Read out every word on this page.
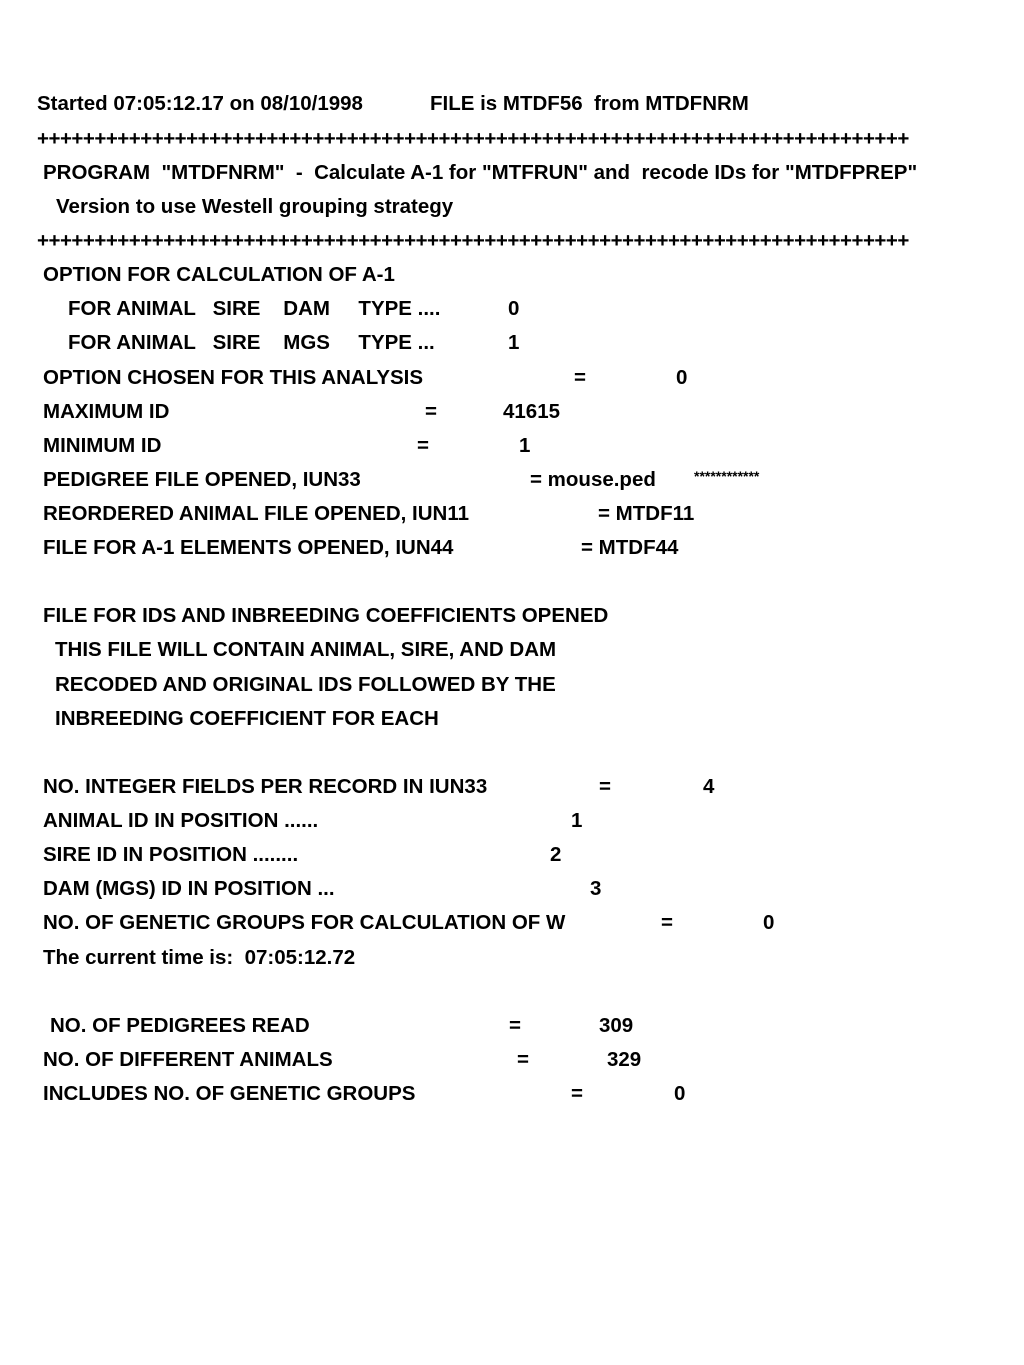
Started 07:05:12.17 on 08/10/1998	FILE is MTDF56  from MTDFNRM
++++++++++++++++++++++++++++++++++++++++++++++++++++++++++++++++++++++++++++
PROGRAM  "MTDFNRM"  -  Calculate A-1 for "MTFRUN" and  recode IDs for "MTDFPREP"
Version to use Westell grouping strategy
++++++++++++++++++++++++++++++++++++++++++++++++++++++++++++++++++++++++++++
OPTION FOR CALCULATION OF A-1
FOR ANIMAL   SIRE    DAM     TYPE ....	0
FOR ANIMAL   SIRE    MGS     TYPE ...	1
OPTION CHOSEN FOR THIS ANALYSIS	=	0
MAXIMUM ID	=	41615
MINIMUM ID	=	1
PEDIGREE FILE OPENED, IUN33	= mouse.ped	************
REORDERED ANIMAL FILE OPENED, IUN11	= MTDF11
FILE FOR A-1 ELEMENTS OPENED, IUN44	= MTDF44
FILE FOR IDS AND INBREEDING COEFFICIENTS OPENED
THIS FILE WILL CONTAIN ANIMAL, SIRE, AND DAM
RECODED AND ORIGINAL IDS FOLLOWED BY THE
INBREEDING COEFFICIENT FOR EACH
NO. INTEGER FIELDS PER RECORD IN IUN33	=	4
ANIMAL ID IN POSITION ......	1
SIRE ID IN POSITION ........	2
DAM (MGS) ID IN POSITION ...	3
NO. OF GENETIC GROUPS FOR CALCULATION OF W	=	0
The current time is:  07:05:12.72
NO. OF PEDIGREES READ	=	309
NO. OF DIFFERENT ANIMALS	=	329
INCLUDES NO. OF GENETIC GROUPS	=	0
